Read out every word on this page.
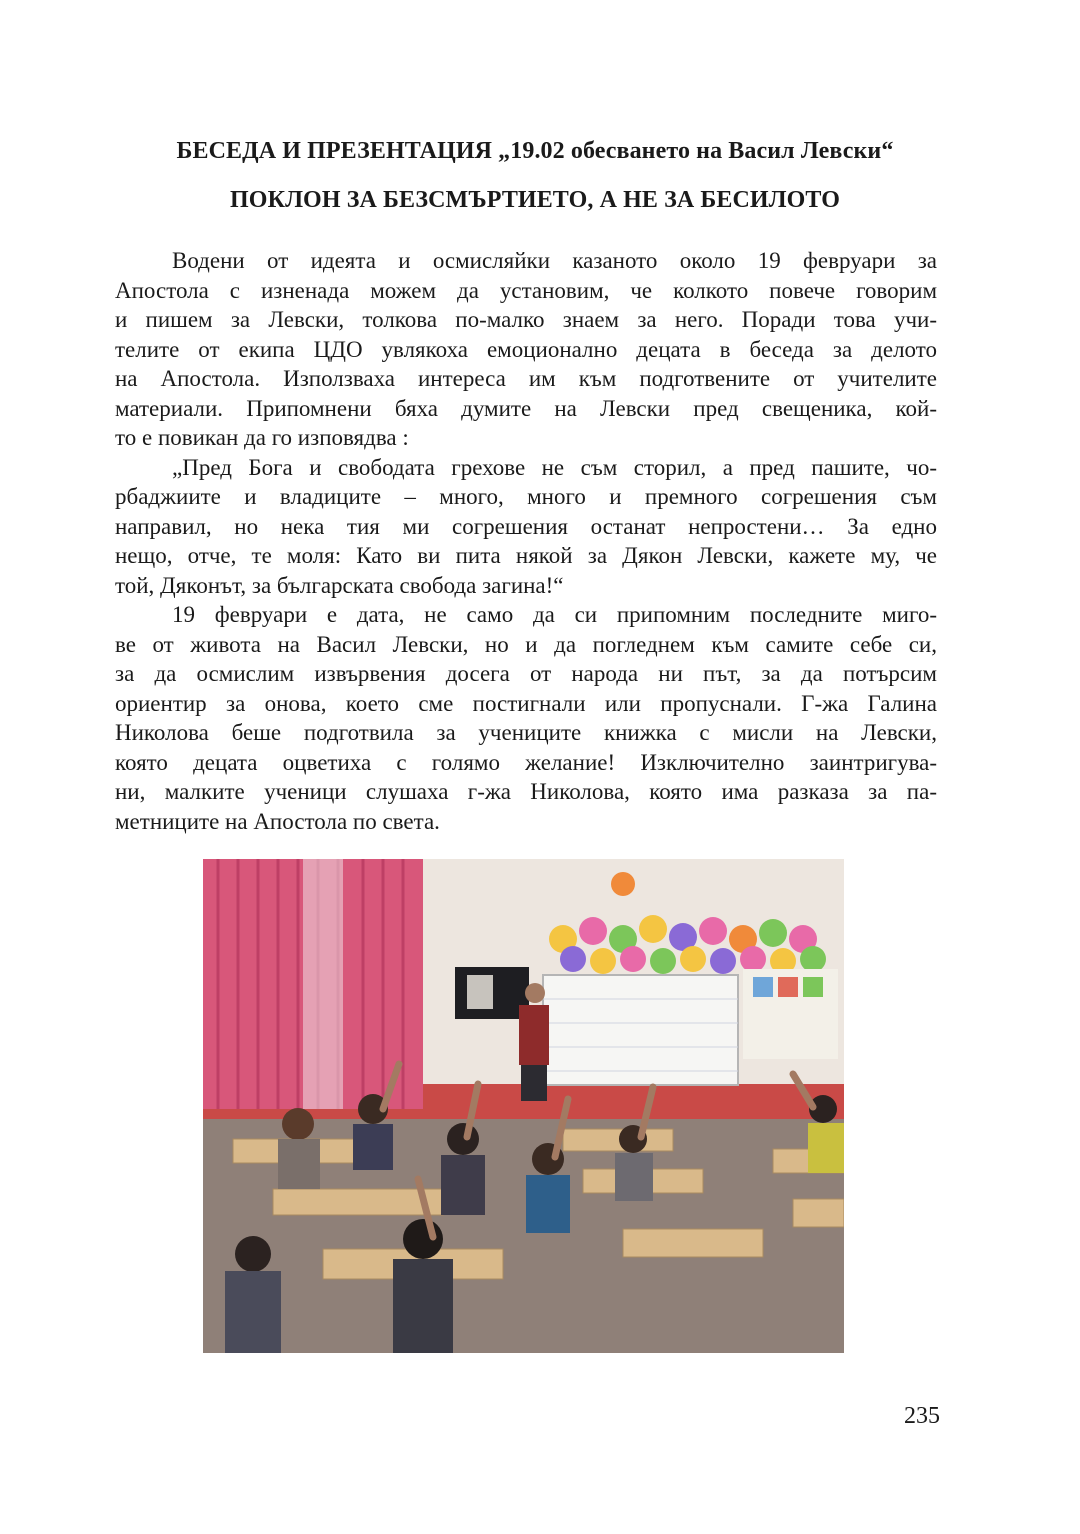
БЕСЕДА И ПРЕЗЕНТАЦИЯ „19.02 обесването на Васил Левски“
ПОКЛОН ЗА БЕЗСМЪРТИЕТО, А НЕ ЗА БЕСИЛОТО
Водени от идеята и осмисляйки казаното около 19 февруари за
Апостола с изненада можем да установим, че колкото повече говорим
и пишем за Левски, толкова по-малко знаем за него. Поради това учи-
телите от екипа ЦДО увлякоха емоционално децата в беседа за делото
на Апостола. Използваха интереса им към подготвените от учителите
материали. Припомнени бяха думите на Левски пред свещеника, кой-
то е повикан да го изповядва :
„Пред Бога и свободата грехове не съм сторил, а пред пашите, чо-
рбаджиите и владиците – много, много и премного согрешения съм
направил, но нека тия ми согрешения останат непростени… За едно
нещо, отче, те моля: Като ви пита някой за Дякон Левски, кажете му, че
той, Дяконът, за българската свобода загина!“
19 февруари е дата, не само да си припомним последните миго-
ве от живота на Васил Левски, но и да погледнем към самите себе си,
за да осмислим извървения досега от народа ни път, за да потърсим
ориентир за онова, което сме постигнали или пропуснали. Г-жа Галина
Николова беше подготвила за учениците книжка с мисли на Левски,
която децата оцветиха с голямо желание! Изключително заинтригува-
ни, малките ученици слушаха г-жа Николова, която има разказа за па-
метниците на Апостола по света.
235
